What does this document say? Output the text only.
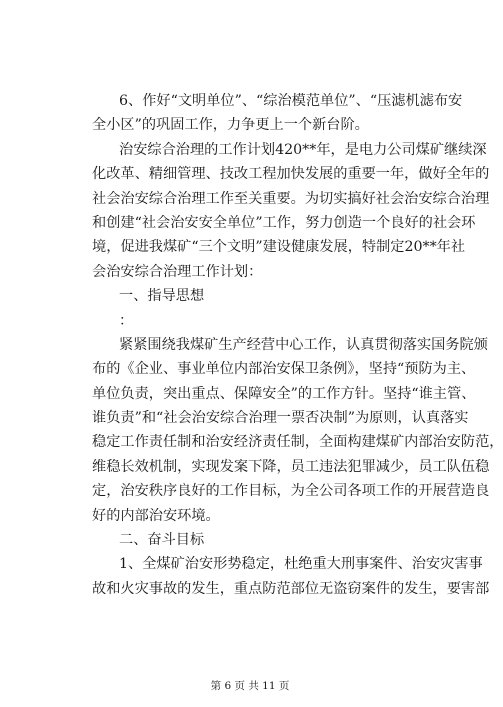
6、作好“文明单位”、“综治模范单位”、“压滤机滤布安
全小区”的巩固工作，力争更上一个新台阶。
治安综合治理的工作计划420**年，是电力公司煤矿继续深
化改革、精细管理、技改工程加快发展的重要一年，做好全年的
社会治安综合治理工作至关重要。为切实搞好社会治安综合治理
和创建“社会治安安全单位”工作，努力创造一个良好的社会环
境，促进我煤矿“三个文明”建设健康发展，特制定20**年社
会治安综合治理工作计划：
一、指导思想
：
紧紧围绕我煤矿生产经营中心工作，认真贯彻落实国务院颁
布的《企业、事业单位内部治安保卫条例》，坚持“预防为主、
单位负责，突出重点、保障安全”的工作方针。坚持“谁主管、
谁负责”和“社会治安综合治理一票否决制”为原则，认真落实
稳定工作责任制和治安经济责任制，全面构建煤矿内部治安防范，
维稳长效机制，实现发案下降，员工违法犯罪减少，员工队伍稳
定，治安秩序良好的工作目标，为全公司各项工作的开展营造良
好的内部治安环境。
二、奋斗目标
1、全煤矿治安形势稳定，杜绝重大刑事案件、治安灾害事
故和火灾事故的发生，重点防范部位无盗窃案件的发生，要害部
第 6 页 共 11 页
